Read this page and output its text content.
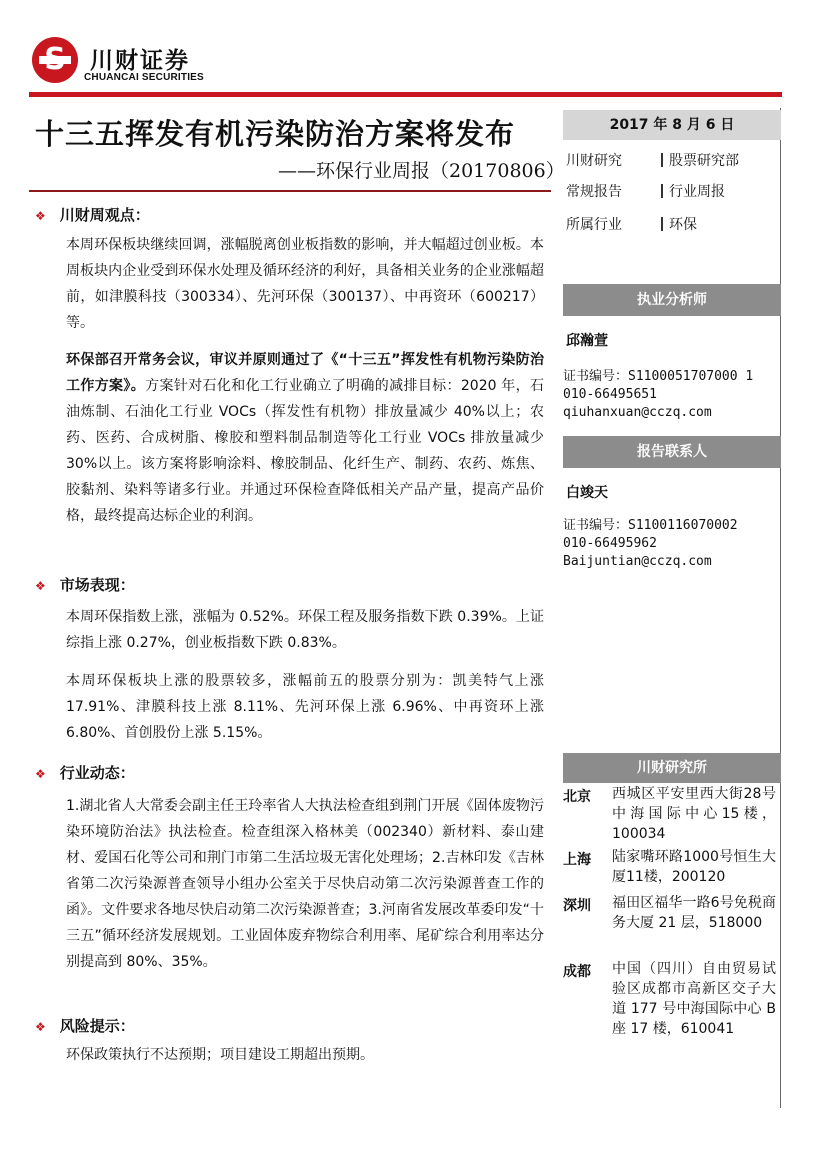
S	川财证券
CHUANCAI SECURITIES
十三五挥发有机污染防治方案将发布
——环保行业周报（20170806）
2017 年 8 月 6 日
川财研究	股票研究部
常规报告	行业周报
所属行业	环保
执业分析师
邱瀚萱
证书编号：S1100051707000 1
010-66495651
qiuhanxuan@cczq.com
报告联系人
白竣天
证书编号：S1100116070002
010-66495962
Baijuntian@cczq.com
川财研究所
北京 西城区平安里西大街28号中海国际中心15楼，100034
上海 陆家嘴环路1000号恒生大厦11楼，200120
深圳 福田区福华一路6号免税商务大厦 21 层，518000
成都 中国（四川）自由贸易试验区成都市高新区交子大道 177 号中海国际中心 B 座 17 楼，610041
❖ 川财周观点：

本周环保板块继续回调，涨幅脱离创业板指数的影响，并大幅超过创业板。本周板块内企业受到环保水处理及循环经济的利好，具备相关业务的企业涨幅超前，如津膜科技（300334）、先河环保（300137）、中再资环（600217）等。

环保部召开常务会议，审议并原则通过了《“十三五”挥发性有机物污染防治工作方案》。方案针对石化和化工行业确立了明确的减排目标：2020 年，石油炼制、石油化工行业 VOCs（挥发性有机物）排放量减少 40%以上；农药、医药、合成树脂、橡胶和塑料制品制造等化工行业 VOCs 排放量减少 30%以上。该方案将影响涂料、橡胶制品、化纤生产、制药、农药、炼焦、胶黏剂、染料等诸多行业。并通过环保检查降低相关产品产量，提高产品价格，最终提高达标企业的利润。

❖ 市场表现：

本周环保指数上涨，涨幅为 0.52%。环保工程及服务指数下跌 0.39%。上证综指上涨 0.27%，创业板指数下跌 0.83%。

本周环保板块上涨的股票较多，涨幅前五的股票分别为：凯美特气上涨 17.91%、津膜科技上涨 8.11%、先河环保上涨 6.96%、中再资环上涨 6.80%、首创股份上涨 5.15%。

❖ 行业动态：

1.湖北省人大常委会副主任王玲率省人大执法检查组到荆门开展《固体废物污染环境防治法》执法检查。检查组深入格林美（002340）新材料、泰山建材、爱国石化等公司和荆门市第二生活垃圾无害化处理场；2.吉林印发《吉林省第二次污染源普查领导小组办公室关于尽快启动第二次污染源普查工作的函》。文件要求各地尽快启动第二次污染源普查；3.河南省发展改革委印发“十三五”循环经济发展规划。工业固体废弃物综合利用率、尾矿综合利用率达分别提高到 80%、35%。

❖ 风险提示：

环保政策执行不达预期；项目建设工期超出预期。
